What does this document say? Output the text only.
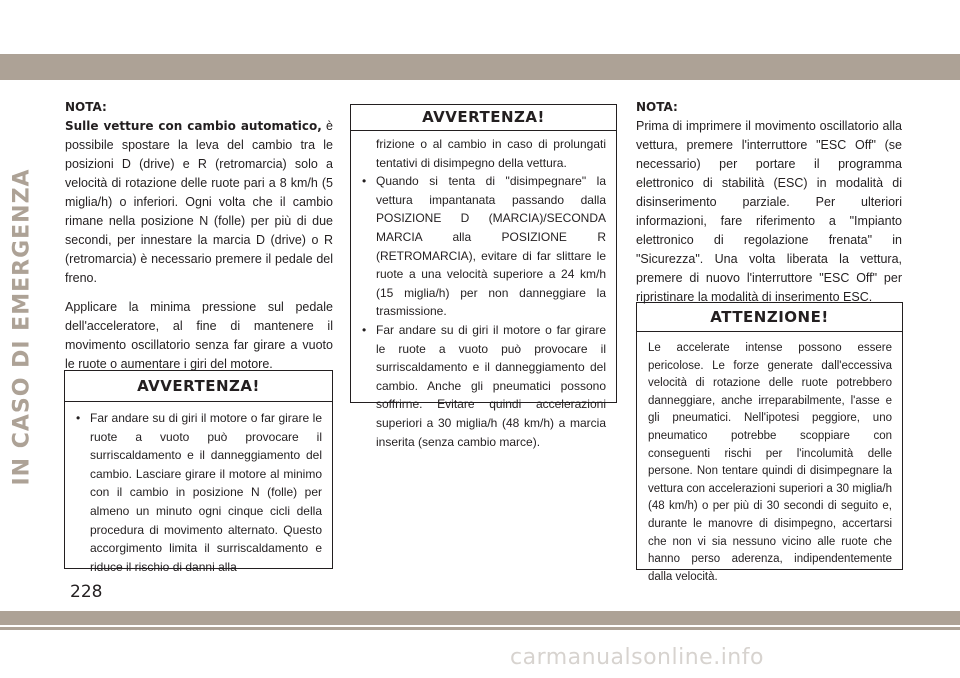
IN CASO DI EMERGENZA

NOTA:

Sulle vetture con cambio automatico, è possibile spostare la leva del cambio tra le posizioni D (drive) e R (retromarcia) solo a velocità di rotazione delle ruote pari a 8 km/h (5 miglia/h) o inferiori. Ogni volta che il cambio rimane nella posizione N (folle) per più di due secondi, per innestare la marcia D (drive) o R (retromarcia) è necessario premere il pedale del freno.

Applicare la minima pressione sul pedale dell'acceleratore, al fine di mantenere il movimento oscillatorio senza far girare a vuoto le ruote o aumentare i giri del motore.

AVVERTENZA!
• Far andare su di giri il motore o far girare le ruote a vuoto può provocare il surriscaldamento e il danneggiamento del cambio. Lasciare girare il motore al minimo con il cambio in posizione N (folle) per almeno un minuto ogni cinque cicli della procedura di movimento alternato. Questo accorgimento limita il surriscaldamento e riduce il rischio di danni alla
AVVERTENZA!

frizione o al cambio in caso di prolungati tentativi di disimpegno della vettura.

• Quando si tenta di "disimpegnare" la vettura impantanata passando dalla POSIZIONE D (MARCIA)/SECONDA MARCIA alla POSIZIONE R (RETROMARCIA), evitare di far slittare le ruote a una velocità superiore a 24 km/h (15 miglia/h) per non danneggiare la trasmissione.
• Far andare su di giri il motore o far girare le ruote a vuoto può provocare il surriscaldamento e il danneggiamento del cambio. Anche gli pneumatici possono soffrirne. Evitare quindi accelerazioni superiori a 30 miglia/h (48 km/h) a marcia inserita (senza cambio marce).

NOTA:

Prima di imprimere il movimento oscillatorio alla vettura, premere l'interruttore "ESC Off" (se necessario) per portare il programma elettronico di stabilità (ESC) in modalità di disinserimento parziale. Per ulteriori informazioni, fare riferimento a "Impianto elettronico di regolazione frenata" in "Sicurezza". Una volta liberata la vettura, premere di nuovo l'interruttore "ESC Off" per ripristinare la modalità di inserimento ESC.

ATTENZIONE!

Le accelerate intense possono essere pericolose. Le forze generate dall'eccessiva velocità di rotazione delle ruote potrebbero danneggiare, anche irreparabilmente, l'asse e gli pneumatici. Nell'ipotesi peggiore, uno pneumatico potrebbe scoppiare con conseguenti rischi per l'incolumità delle persone. Non tentare quindi di disimpegnare la vettura con accelerazioni superiori a 30 miglia/h (48 km/h) o per più di 30 secondi di seguito e, durante le manovre di disimpegno, accertarsi che non vi sia nessuno vicino alle ruote che hanno perso aderenza, indipendentemente dalla velocità.

228
carmanualsonline.info
